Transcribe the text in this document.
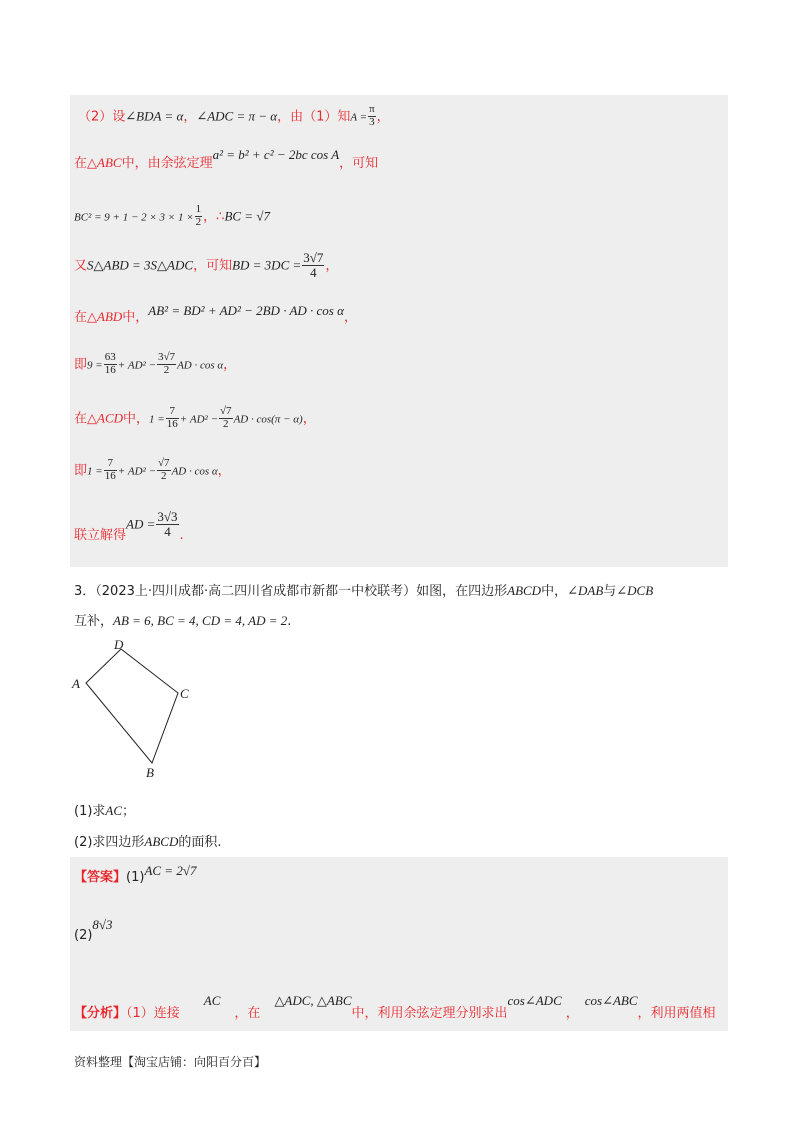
（2）设∠BDA = α，∠ADC = π − α，由（1）知$A = \frac{\pi}{3}$ ，
在△ABC中，由余弦定理$^{a^2 = b^2 + c^2 - 2bc cos A}$，可知
$BC^2 = 9 + 1 - 2 \times 3 \times 1 \times \frac{1}{2}$ ，∴BC = √7
又S△ABD = 3S△ADC，可知BD = $3DC = \frac{3√7}{4}$ ，
在△ABD中，$^{AB^2 = BD^2 + AD^2 - 2BD \cdot AD \cdot cos \alpha}$，
即$9 = \frac{63}{16} + AD^2 - \frac{3√7}{2}$ AD · cos α，
在△ACD中，$1 = \frac{7}{16} + AD^2 - \frac{√7}{2}$ AD · cos(π − α)，
即$1 = \frac{7}{16} + AD^2 - \frac{√7}{2}$ AD · cos α，
$_{联立解得}AD = \frac{3√3}{4} _.$
3．（2023上·四川成都·高二四川省成都市新都一中校联考）如图，在四边形ABCD中，∠DAB与∠DCB
互补，AB = 6, BC = 4, CD = 4, AD = 2.
D
A
C
B
(1)求AC；
(2)求四边形ABCD的面积.
【答案】$(1)^{AC = 2√7}$
$_{(2)}$8√3
$_{【分析】(1)连接}AC_{,在}\triangle ADC$, $\triangle ABC_{中,利用余弦定理分别求出}\cos\angle ADC_,\cos\angle ABC_{,利用两值相}$
资料整理【淘宝店铺：向阳百分百】
